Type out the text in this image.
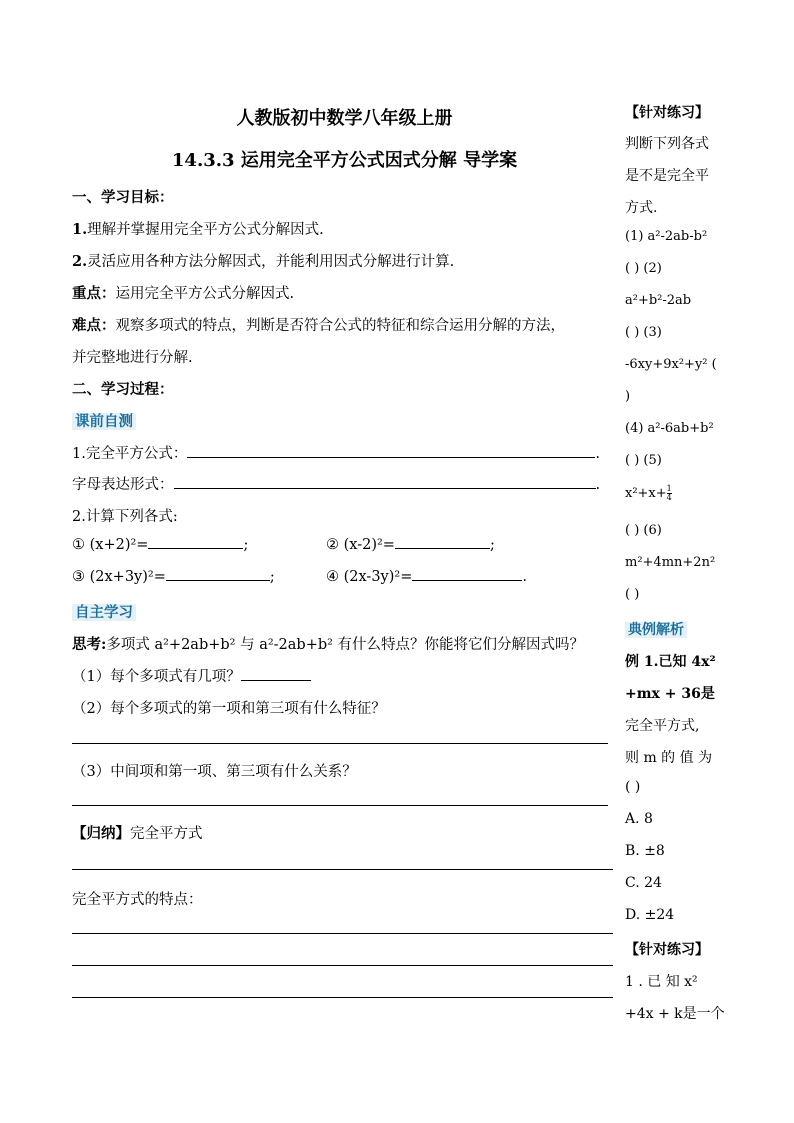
人教版初中数学八年级上册
14.3.3 运用完全平方公式因式分解 导学案
一、学习目标：
1.理解并掌握用完全平方公式分解因式.
2.灵活应用各种方法分解因式，并能利用因式分解进行计算.
重点：运用完全平方公式分解因式.
难点：观察多项式的特点，判断是否符合公式的特征和综合运用分解的方法，
并完整地进行分解.
二、学习过程：
课前自测
1.完全平方公式：	.
字母表达形式：	.
2.计算下列各式:
① (x+2)²=	;	② (x-2)²=	;
③ (2x+3y)²=	;	④ (2x-3y)²=	.
自主学习
思考:多项式 a²+2ab+b² 与 a²-2ab+b² 有什么特点？你能将它们分解因式吗？
（1）每个多项式有几项？
（2）每个多项式的第一项和第三项有什么特征？
（3）中间项和第一项、第三项有什么关系？
【归纳】完全平方式
完全平方式的特点：
【针对练习】
判断下列各式
是不是完全平
方式.
(1) a²-2ab-b²
( ) (2)
a²+b²-2ab
( ) (3)
-6xy+9x²+y² (
)
(4) a²-6ab+b²
( ) (5)
$x^2+x+ \frac{1}{4}$
( ) (6)
m²+4mn+2n²
( )
典例解析
例 1.已知 4x²
+mx + 36是
完全平方式,
则 m 的 值 为
( )
A. 8
B. ±8
C. 24
D. ±24
【针对练习】
1 . 已 知 x²
+4x + k是一个
